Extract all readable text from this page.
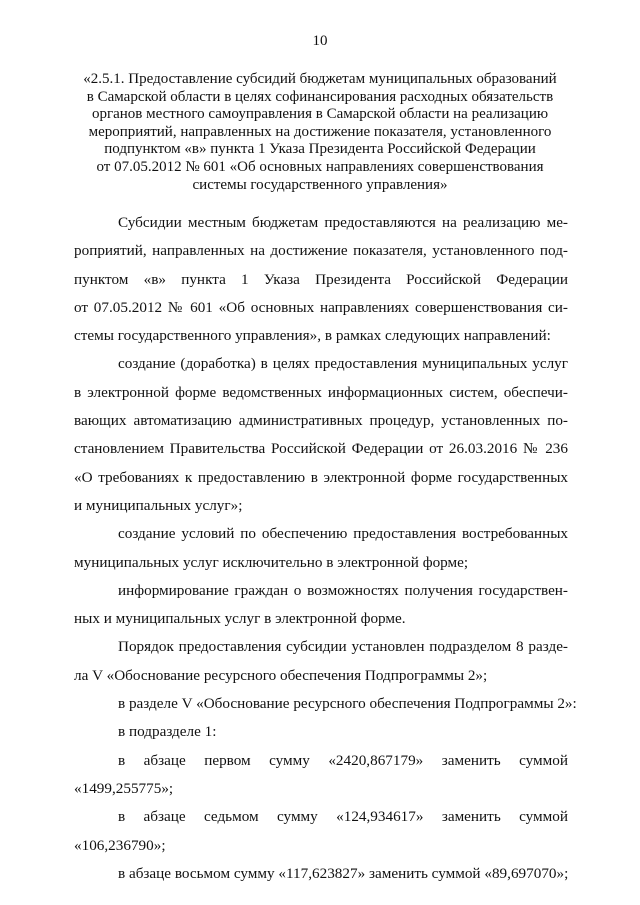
10
«2.5.1. Предоставление субсидий бюджетам муниципальных образований
в Самарской области в целях софинансирования расходных обязательств
органов местного самоуправления в Самарской области на реализацию
мероприятий, направленных на достижение показателя, установленного
подпунктом «в» пункта 1 Указа Президента Российской Федерации
от 07.05.2012 № 601 «Об основных направлениях совершенствования
системы государственного управления»
Субсидии местным бюджетам предоставляются на реализацию ме-
роприятий, направленных на достижение показателя, установленного под-
пунктом «в» пункта 1 Указа Президента Российской Федерации
от 07.05.2012 № 601 «Об основных направлениях совершенствования си-
стемы государственного управления», в рамках следующих направлений:
создание (доработка) в целях предоставления муниципальных услуг
в электронной форме ведомственных информационных систем, обеспечи-
вающих автоматизацию административных процедур, установленных по-
становлением Правительства Российской Федерации от 26.03.2016 № 236
«О требованиях к предоставлению в электронной форме государственных
и муниципальных услуг»;
создание условий по обеспечению предоставления востребованных
муниципальных услуг исключительно в электронной форме;
информирование граждан о возможностях получения государствен-
ных и муниципальных услуг в электронной форме.
Порядок предоставления субсидии установлен подразделом 8 разде-
ла V «Обоснование ресурсного обеспечения Подпрограммы 2»;
в разделе V «Обоснование ресурсного обеспечения Подпрограммы 2»:
в подразделе 1:
в абзаце первом сумму «2420,867179» заменить суммой
«1499,255775»;
в абзаце седьмом сумму «124,934617» заменить суммой
«106,236790»;
в абзаце восьмом сумму «117,623827» заменить суммой «89,697070»;
